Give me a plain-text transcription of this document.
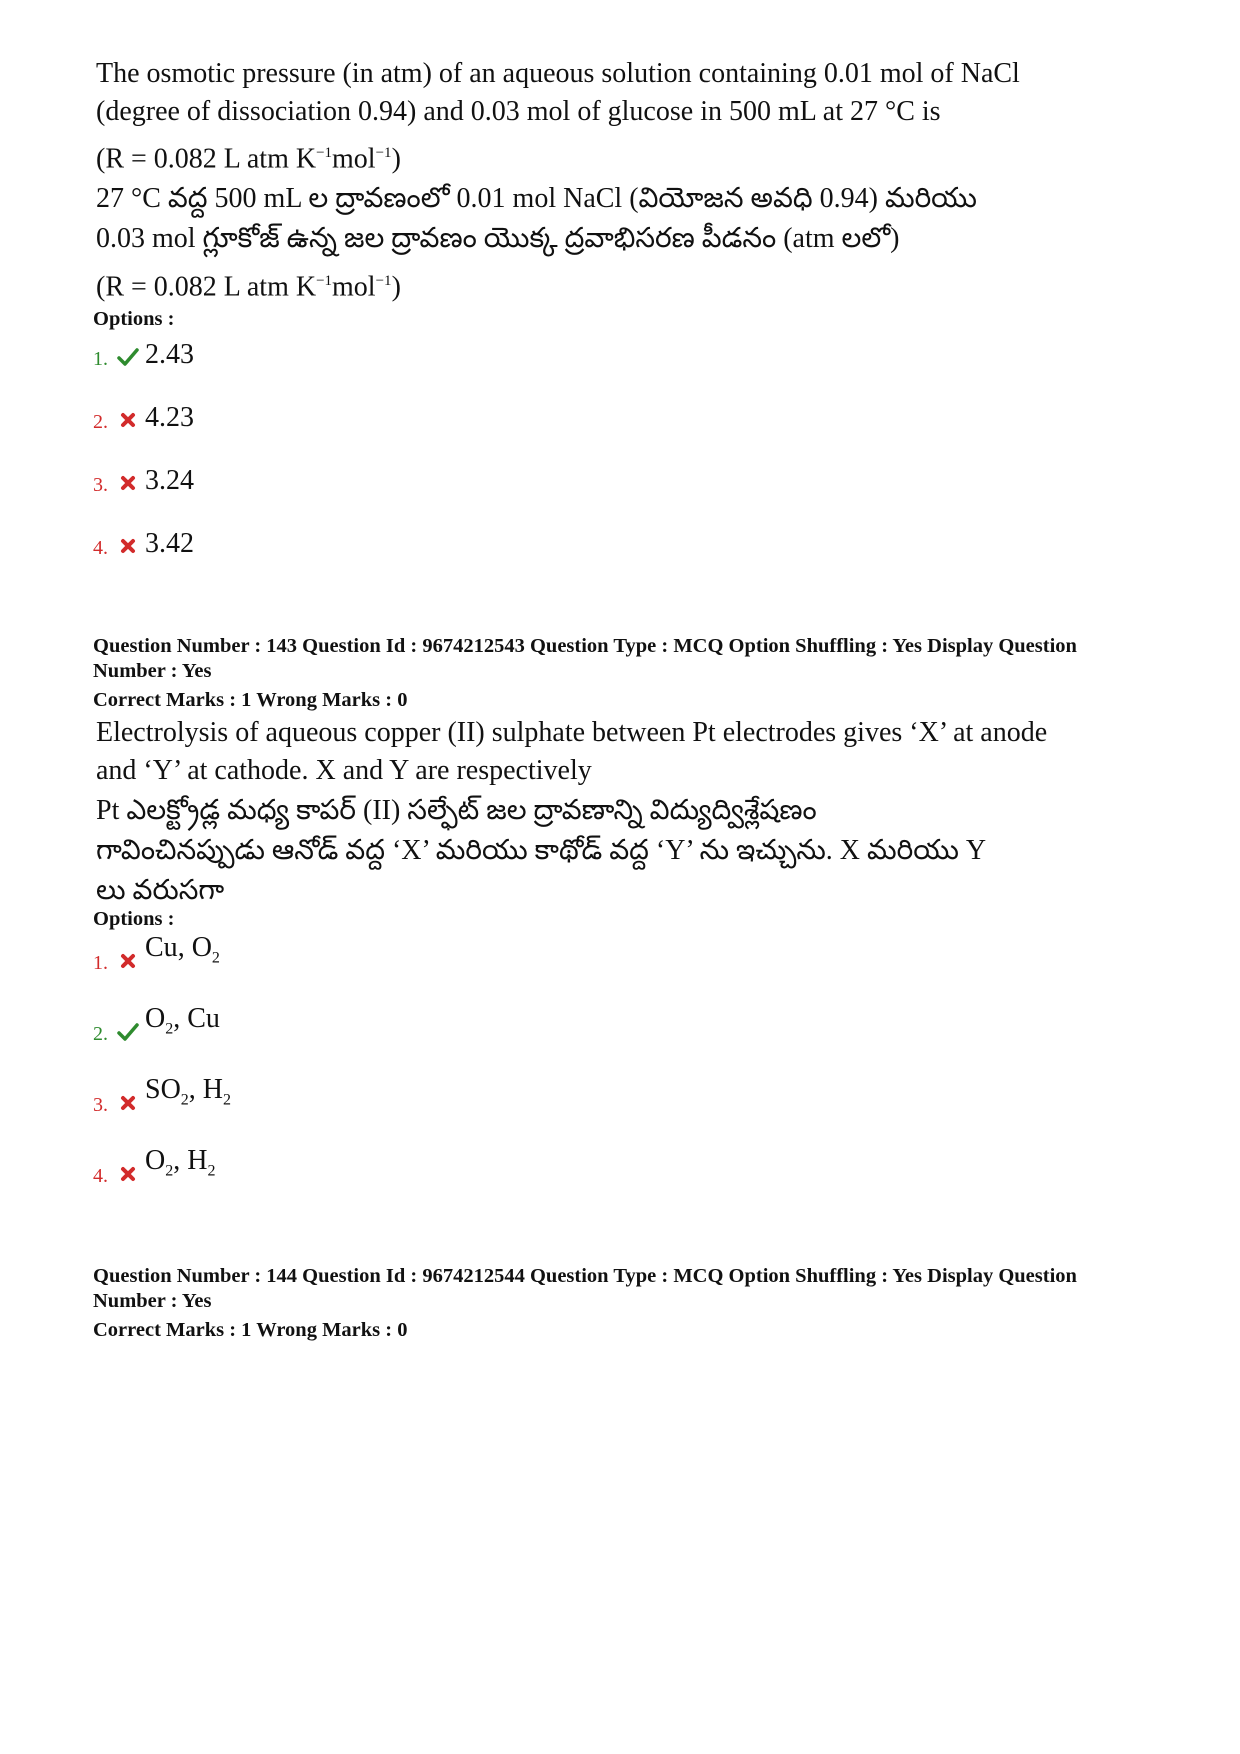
The osmotic pressure (in atm) of an aqueous solution containing 0.01 mol of NaCl

(degree of dissociation 0.94) and 0.03 mol of glucose in 500 mL at 27 °C is

(R = 0.082 L atm $K^{-1}mol^{-1}$)

27 °C వద్ద 500 mL ల ద్రావణంలో 0.01 mol NaCl (వియోజన అవధి 0.94) మరియు

0.03 mol గ్లూకోజ్ ఉన్న జల ద్రావణం యొక్క ద్రవాభిసరణ పీడనం (atm లలో)

(R = 0.082 L atm $K^{-1}mol^{-1}$)

Options :

1.	2.43
2.	4.23
3.	3.24
4.	3.42

Question Number : 143 Question Id : 9674212543 Question Type : MCQ Option Shuffling : Yes Display Question

Number : Yes

Correct Marks : 1 Wrong Marks : 0

Electrolysis of aqueous copper (II) sulphate between Pt electrodes gives ‘X’ at anode

and ‘Y’ at cathode. X and Y are respectively

Pt ఎలక్ట్రోడ్ల మధ్య కాపర్ (II) సల్ఫేట్ జల ద్రావణాన్ని విద్యుద్విశ్లేషణం

గావించినప్పుడు ఆనోడ్ వద్ద ‘X’ మరియు కాథోడ్ వద్ద ‘Y’ ను ఇచ్చును. X మరియు Y

లు వరుసగా

Options :

1.	Cu, $O_2$
2.	$O_2$, Cu
3.	$SO_2$, $H_2$
4.	$O_2$, $H_2$

Question Number : 144 Question Id : 9674212544 Question Type : MCQ Option Shuffling : Yes Display Question

Number : Yes

Correct Marks : 1 Wrong Marks : 0
